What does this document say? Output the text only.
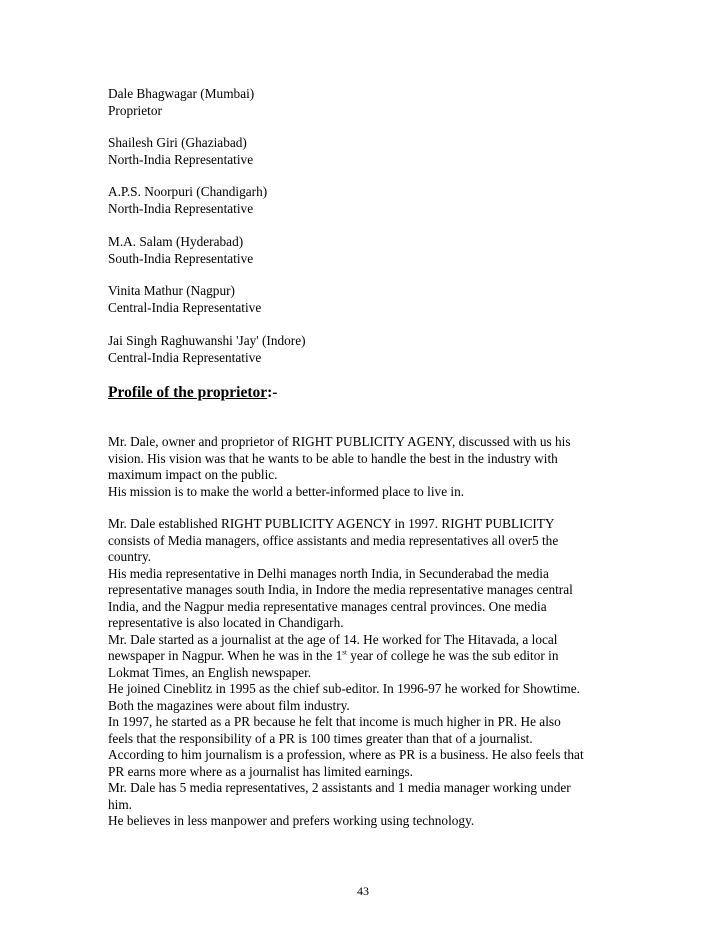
Dale Bhagwagar (Mumbai)
Proprietor
Shailesh Giri (Ghaziabad)
North-India Representative
A.P.S. Noorpuri (Chandigarh)
North-India Representative
M.A. Salam (Hyderabad)
South-India Representative
Vinita Mathur (Nagpur)
Central-India Representative
Jai Singh Raghuwanshi 'Jay' (Indore)
Central-India Representative
Profile of the proprietor:-
Mr. Dale, owner and proprietor of RIGHT PUBLICITY AGENY, discussed with us his
vision. His vision was that he wants to be able to handle the best in the industry with
maximum impact on the public.
His mission is to make the world a better-informed place to live in.
Mr. Dale established RIGHT PUBLICITY AGENCY in 1997. RIGHT PUBLICITY
consists of Media managers, office assistants and media representatives all over5 the
country.
His media representative in Delhi manages north India, in Secunderabad the media
representative manages south India, in Indore the media representative manages central
India, and the Nagpur media representative manages central provinces. One media
representative is also located in Chandigarh.
Mr. Dale started as a journalist at the age of 14. He worked for The Hitavada, a local
newspaper in Nagpur. When he was in the 1st year of college he was the sub editor in
Lokmat Times, an English newspaper.
He joined Cineblitz in 1995 as the chief sub-editor. In 1996-97 he worked for Showtime.
Both the magazines were about film industry.
In 1997, he started as a PR because he felt that income is much higher in PR. He also
feels that the responsibility of a PR is 100 times greater than that of a journalist.
According to him journalism is a profession, where as PR is a business. He also feels that
PR earns more where as a journalist has limited earnings.
Mr. Dale has 5 media representatives, 2 assistants and 1 media manager working under
him.
He believes in less manpower and prefers working using technology.
43
